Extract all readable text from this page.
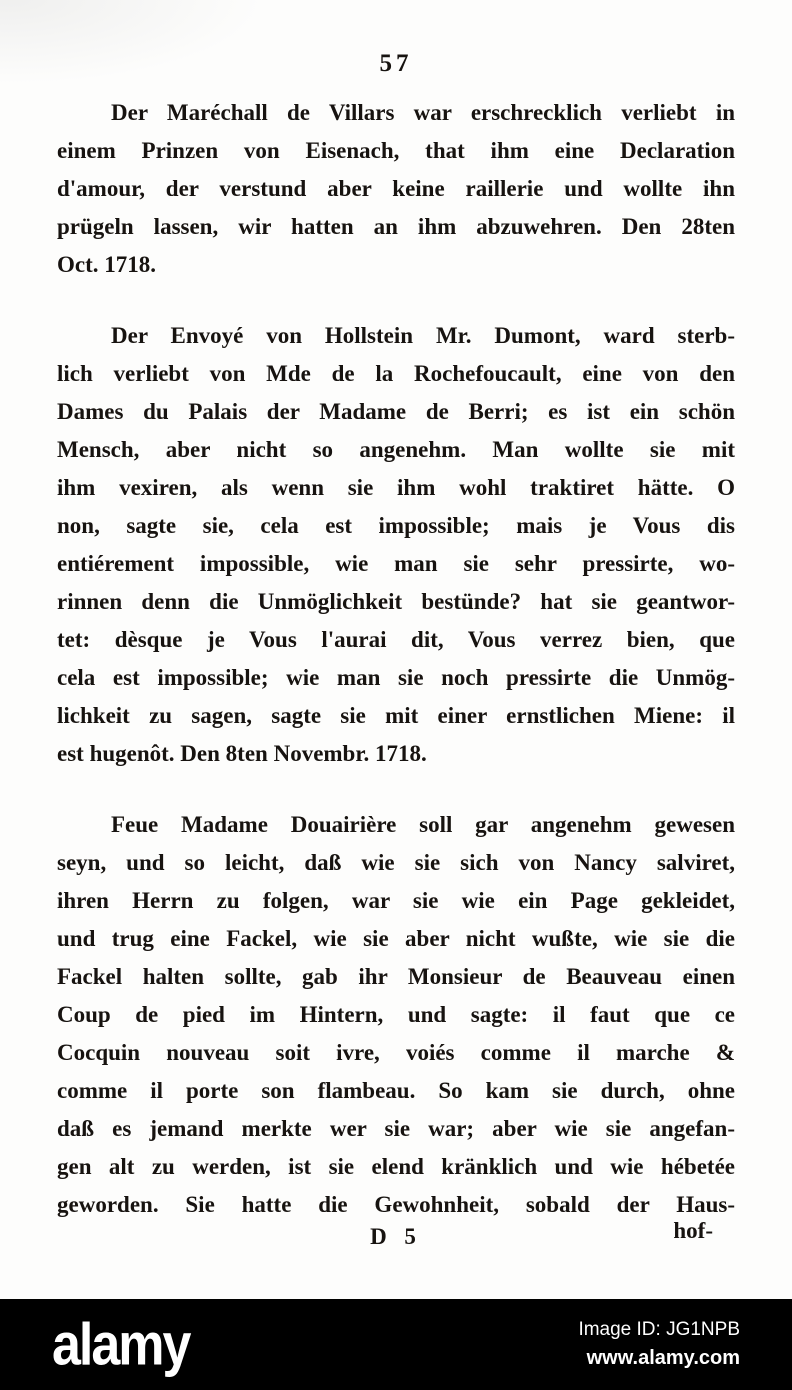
57
Der Maréchall de Villars war erschrecklich verliebt in
einem Prinzen von Eisenach, that ihm eine Declaration
d'amour, der verstund aber keine raillerie und wollte ihn
prügeln lassen, wir hatten an ihm abzuwehren. Den 28ten
Oct. 1718.
Der Envoyé von Hollstein Mr. Dumont, ward sterb-
lich verliebt von Mde de la Rochefoucault, eine von den
Dames du Palais der Madame de Berri; es ist ein schön
Mensch, aber nicht so angenehm. Man wollte sie mit
ihm vexiren, als wenn sie ihm wohl traktiret hätte. O
non, sagte sie, cela est impossible; mais je Vous dis
entiérement impossible, wie man sie sehr pressirte, wo-
rinnen denn die Unmöglichkeit bestünde? hat sie geantwor-
tet: dèsque je Vous l'aurai dit, Vous verrez bien, que
cela est impossible; wie man sie noch pressirte die Unmög-
lichkeit zu sagen, sagte sie mit einer ernstlichen Miene: il
est hugenôt. Den 8ten Novembr. 1718.
Feue Madame Douairière soll gar angenehm gewesen
seyn, und so leicht, daß wie sie sich von Nancy salviret,
ihren Herrn zu folgen, war sie wie ein Page gekleidet,
und trug eine Fackel, wie sie aber nicht wußte, wie sie die
Fackel halten sollte, gab ihr Monsieur de Beauveau einen
Coup de pied im Hintern, und sagte: il faut que ce
Cocquin nouveau soit ivre, voiés comme il marche &
comme il porte son flambeau. So kam sie durch, ohne
daß es jemand merkte wer sie war; aber wie sie angefan-
gen alt zu werden, ist sie elend kränklich und wie hébetée
geworden. Sie hatte die Gewohnheit, sobald der Haus-
D 5	hof-
alamy	Image ID: JG1NPB
www.alamy.com
